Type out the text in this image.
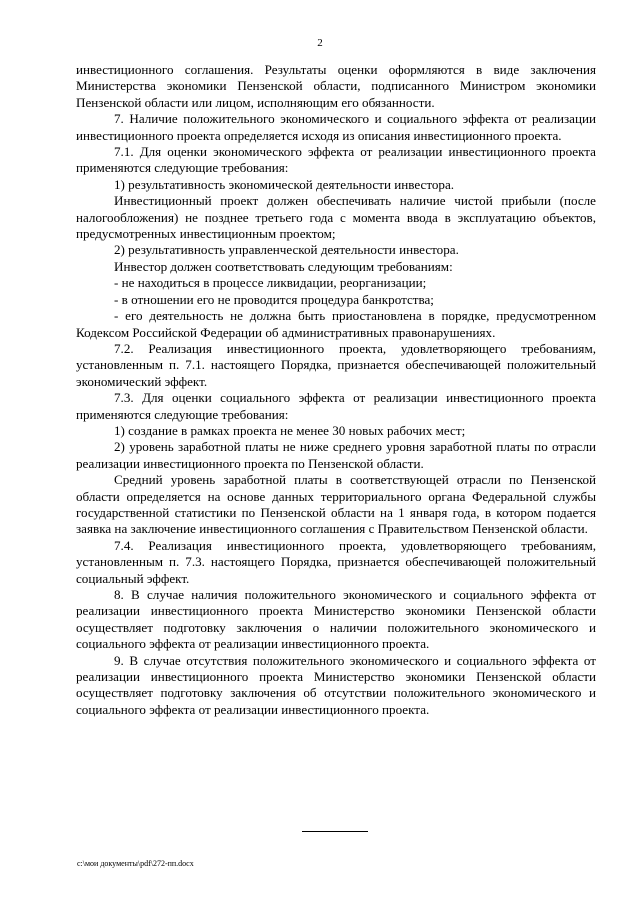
2

инвестиционного соглашения. Результаты оценки оформляются в виде заключения Министерства экономики Пензенской области, подписанного Министром экономики Пензенской области или лицом, исполняющим его обязанности.

7. Наличие положительного экономического и социального эффекта от реализации инвестиционного проекта определяется исходя из описания инвестиционного проекта.

7.1. Для оценки экономического эффекта от реализации инвестиционного проекта применяются следующие требования:

1) результативность экономической деятельности инвестора.

Инвестиционный проект должен обеспечивать наличие чистой прибыли (после налогообложения) не позднее третьего года с момента ввода в эксплуатацию объектов, предусмотренных инвестиционным проектом;

2) результативность управленческой деятельности инвестора.

Инвестор должен соответствовать следующим требованиям:

- не находиться в процессе ликвидации, реорганизации;

- в отношении его не проводится процедура банкротства;

- его деятельность не должна быть приостановлена в порядке, предусмотренном Кодексом Российской Федерации об административных правонарушениях.

7.2. Реализация инвестиционного проекта, удовлетворяющего требованиям, установленным п. 7.1. настоящего Порядка, признается обеспечивающей положительный экономический эффект.

7.3. Для оценки социального эффекта от реализации инвестиционного проекта применяются следующие требования:

1) создание в рамках проекта не менее 30 новых рабочих мест;

2) уровень заработной платы не ниже среднего уровня заработной платы по отрасли реализации инвестиционного проекта по Пензенской области.

Средний уровень заработной платы в соответствующей отрасли по Пензенской области определяется на основе данных территориального органа Федеральной службы государственной статистики по Пензенской области на 1 января года, в котором подается заявка на заключение инвестиционного соглашения с Правительством Пензенской области.

7.4. Реализация инвестиционного проекта, удовлетворяющего требованиям, установленным п. 7.3. настоящего Порядка, признается обеспечивающей положительный социальный эффект.

8. В случае наличия положительного экономического и социального эффекта от реализации инвестиционного проекта Министерство экономики Пензенской области осуществляет подготовку заключения о наличии положительного экономического и социального эффекта от реализации инвестиционного проекта.

9. В случае отсутствия положительного экономического и социального эффекта от реализации инвестиционного проекта Министерство экономики Пензенской области осуществляет подготовку заключения об отсутствии положительного экономического и социального эффекта от реализации инвестиционного проекта.

c:\мои документы\pdf\272-пп.docx
